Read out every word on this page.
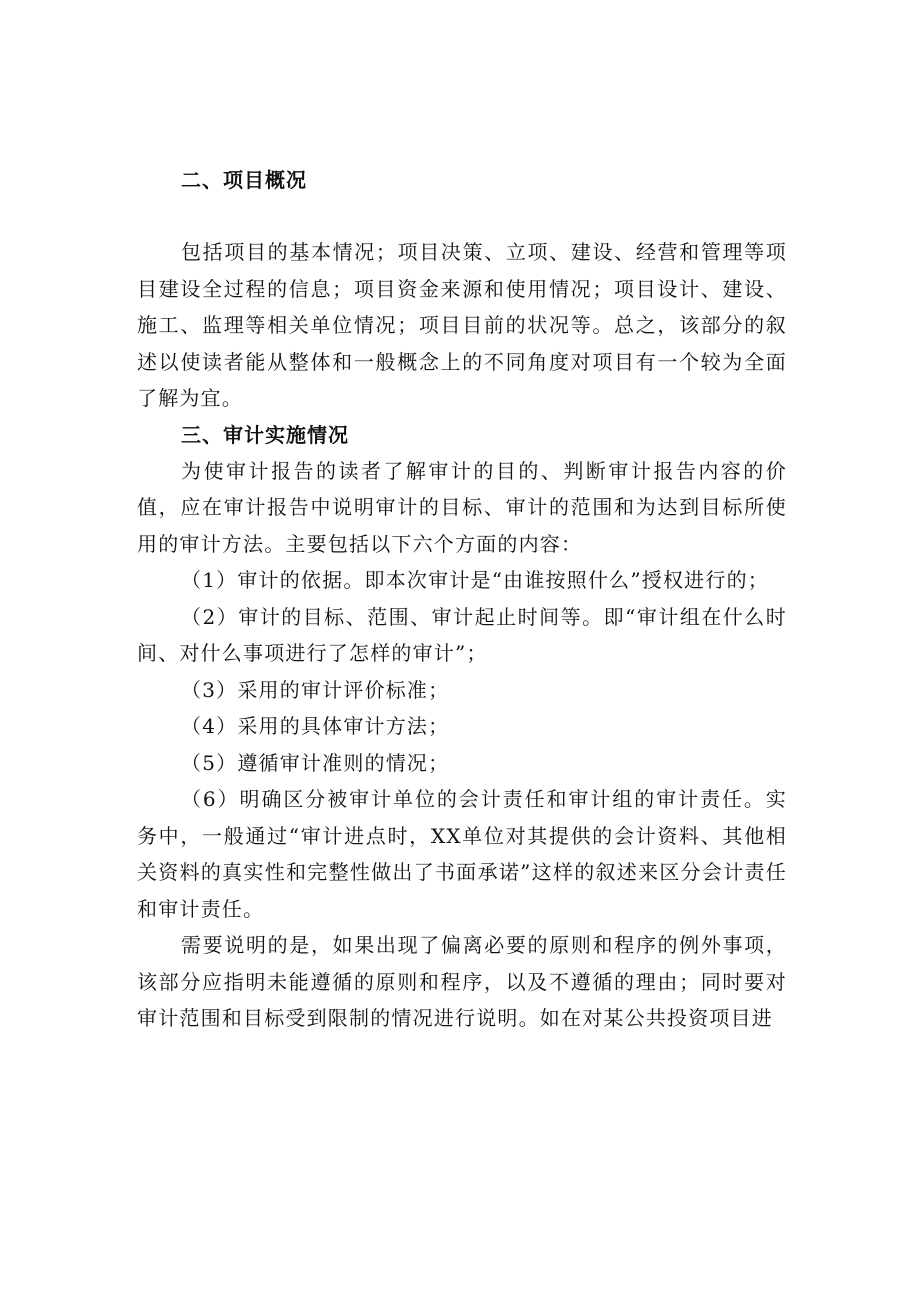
二、项目概况

包括项目的基本情况；项目决策、立项、建设、经营和管理等项目建设全过程的信息；项目资金来源和使用情况；项目设计、建设、施工、监理等相关单位情况；项目目前的状况等。总之，该部分的叙述以使读者能从整体和一般概念上的不同角度对项目有一个较为全面了解为宜。

三、审计实施情况

为使审计报告的读者了解审计的目的、判断审计报告内容的价值，应在审计报告中说明审计的目标、审计的范围和为达到目标所使用的审计方法。主要包括以下六个方面的内容：

（1）审计的依据。即本次审计是“由谁按照什么”授权进行的；

（2）审计的目标、范围、审计起止时间等。即“审计组在什么时间、对什么事项进行了怎样的审计”；

（3）采用的审计评价标准；

（4）采用的具体审计方法；

（5）遵循审计准则的情况；

（6）明确区分被审计单位的会计责任和审计组的审计责任。实务中，一般通过“审计进点时，XX单位对其提供的会计资料、其他相关资料的真实性和完整性做出了书面承诺”这样的叙述来区分会计责任和审计责任。

需要说明的是，如果出现了偏离必要的原则和程序的例外事项，该部分应指明未能遵循的原则和程序，以及不遵循的理由；同时要对审计范围和目标受到限制的情况进行说明。如在对某公共投资项目进
